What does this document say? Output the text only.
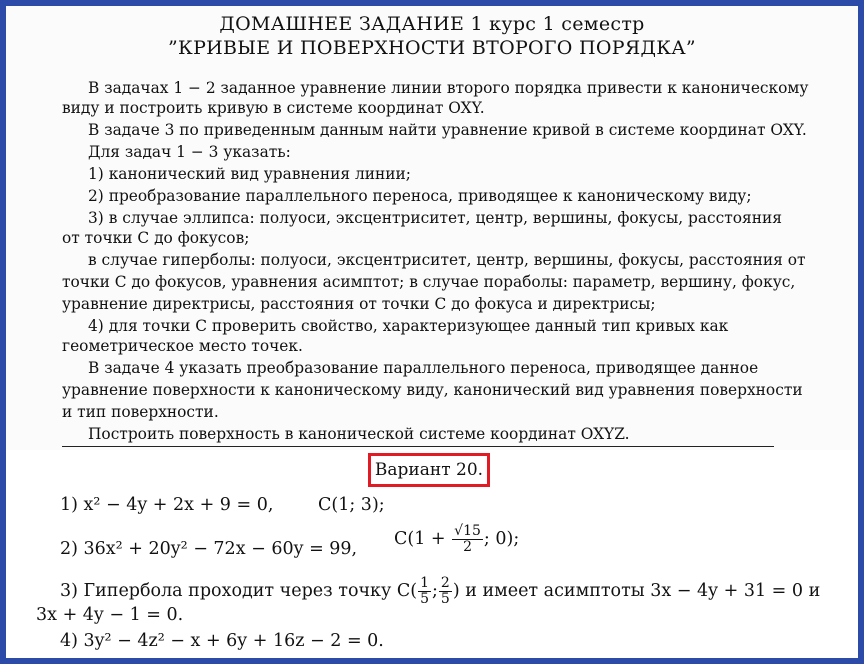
ДОМАШНЕЕ ЗАДАНИЕ 1 курс 1 семестр
”КРИВЫЕ И ПОВЕРХНОСТИ ВТОРОГО ПОРЯДКА”
В задачах 1 − 2 заданное уравнение линии второго порядка привести к каноническому
виду и построить кривую в системе координат OXY.
В задаче 3 по приведенным данным найти уравнение кривой в системе координат OXY.
Для задач 1 − 3 указать:
1) канонический вид уравнения линии;
2) преобразование параллельного переноса, приводящее к каноническому виду;
3) в случае эллипса: полуоси, эксцентриситет, центр, вершины, фокусы, расстояния
от точки C до фокусов;
в случае гиперболы: полуоси, эксцентриситет, центр, вершины, фокусы, расстояния от
точки C до фокусов, уравнения асимптот; в случае пораболы: параметр, вершину, фокус,
уравнение директрисы, расстояния от точки C до фокуса и директрисы;
4) для точки C проверить свойство, характеризующее данный тип кривых как
геометрическое место точек.
В задаче 4 указать преобразование параллельного переноса, приводящее данное
уравнение поверхности к каноническому виду, канонический вид уравнения поверхности
и тип поверхности.
Построить поверхность в канонической системе координат OXYZ.
Вариант 20.
1) x² − 4y + 2x + 9 = 0,	C(1; 3);
2) 36x² + 20y² − 72x − 60y = 99, $C(1 + \frac{√15}{2}$ ; 0);
3) Гипербола проходит через точку $C( \frac{1}{5}$ ; $\frac{2}{5}$ ) и имеет асимптоты 3x − 4y + 31 = 0 и
3x + 4y − 1 = 0.
4) 3y² − 4z² − x + 6y + 16z − 2 = 0.
